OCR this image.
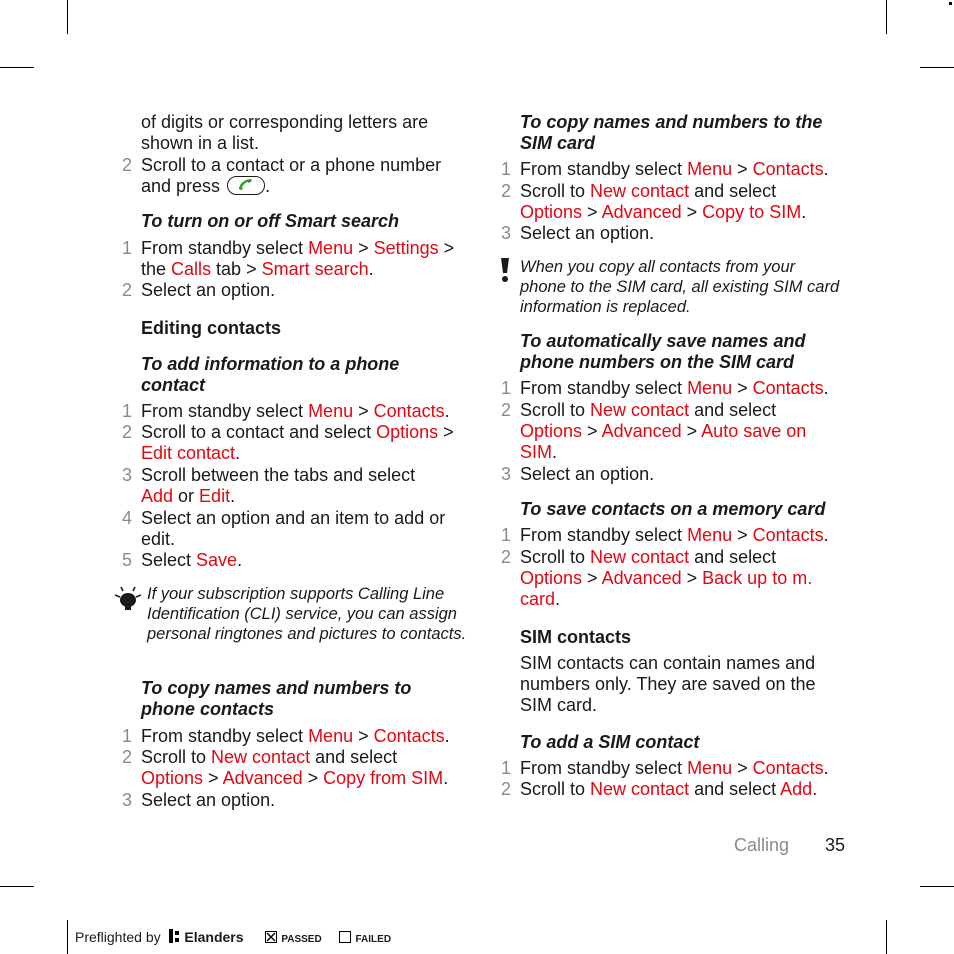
of digits or corresponding letters are shown in a list.
2 Scroll to a contact or a phone number and press	.
To turn on or off Smart search
1 From standby select Menu > Settings >
the Calls tab > Smart search.
2 Select an option.
Editing contacts
To add information to a phone contact
1 From standby select Menu > Contacts.
2 Scroll to a contact and select Options >
Edit contact.
3 Scroll between the tabs and select
Add or Edit.
4 Select an option and an item to add or edit.
5 Select Save.
If your subscription supports Calling Line Identification (CLI) service, you can assign personal ringtones and pictures to contacts.
To copy names and numbers to phone contacts
1 From standby select Menu > Contacts.
2 Scroll to New contact and select
Options > Advanced > Copy from SIM.
3 Select an option.
To copy names and numbers to the SIM card
1 From standby select Menu > Contacts.
2 Scroll to New contact and select
Options > Advanced > Copy to SIM.
3 Select an option.
When you copy all contacts from your phone to the SIM card, all existing SIM card information is replaced.
To automatically save names and phone numbers on the SIM card
1 From standby select Menu > Contacts.
2 Scroll to New contact and select
Options > Advanced > Auto save on SIM.
3 Select an option.
To save contacts on a memory card
1 From standby select Menu > Contacts.
2 Scroll to New contact and select
Options > Advanced > Back up to m. card.
SIM contacts
SIM contacts can contain names and numbers only. They are saved on the SIM card.
To add a SIM contact
1 From standby select Menu > Contacts.
2 Scroll to New contact and select Add.
Calling 35
Preflighted by Elanders	PASSED	FAILED
